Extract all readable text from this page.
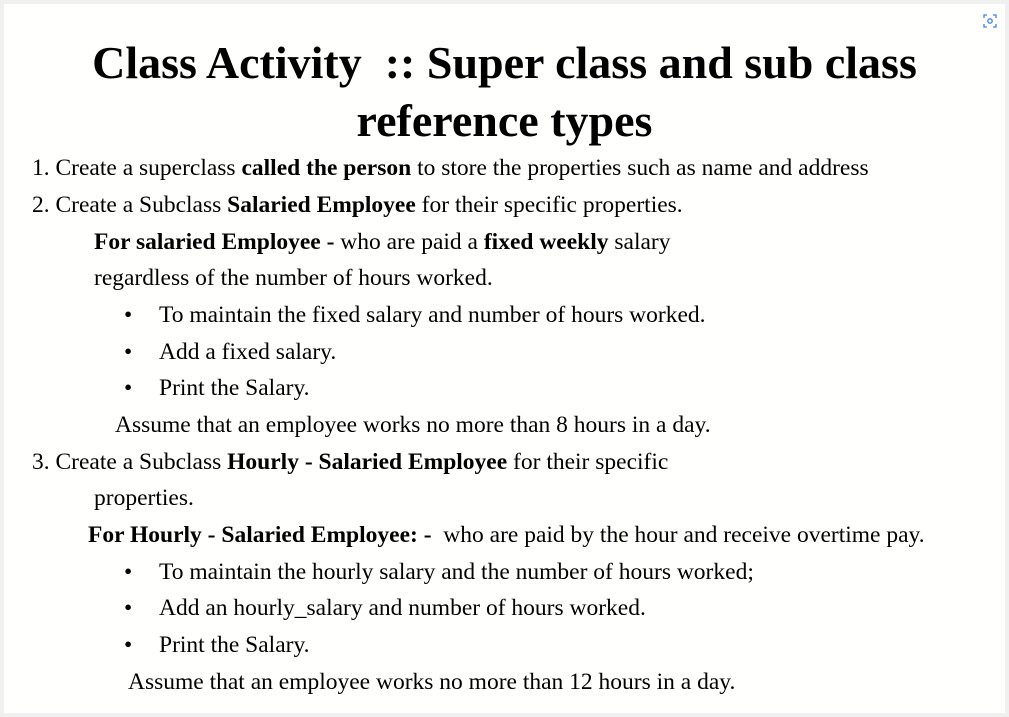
Class Activity  :: Super class and sub class
reference types
1. Create a superclass called the person to store the properties such as name and address
2. Create a Subclass Salaried Employee for their specific properties.
For salaried Employee - who are paid a fixed weekly salary
regardless of the number of hours worked.
• To maintain the fixed salary and number of hours worked.
• Add a fixed salary.
• Print the Salary.
Assume that an employee works no more than 8 hours in a day.
3. Create a Subclass Hourly - Salaried Employee for their specific
properties.
For Hourly - Salaried Employee: -  who are paid by the hour and receive overtime pay.
• To maintain the hourly salary and the number of hours worked;
• Add an hourly_salary and number of hours worked.
• Print the Salary.
Assume that an employee works no more than 12 hours in a day.
